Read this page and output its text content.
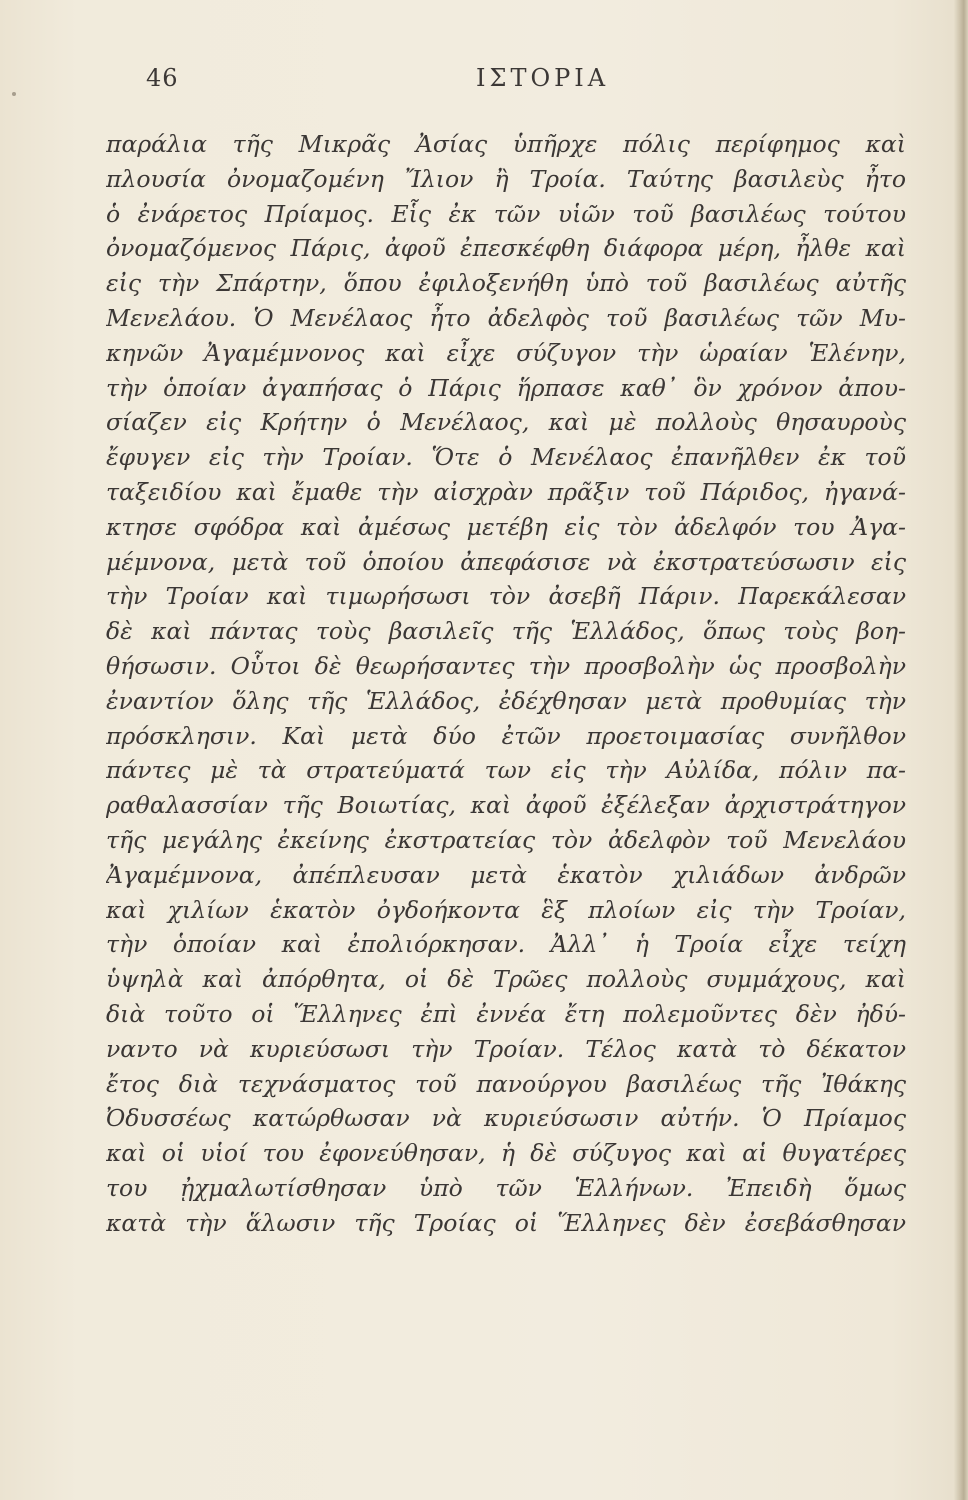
46	ΙΣΤΟΡΙΑ
παράλια τῆς Μικρᾶς Ἀσίας ὑπῆρχε πόλις περίφημος καὶ
πλουσία ὀνομαζομένη Ἴλιον ἢ Τροία. Ταύτης βασιλεὺς ἦτο
ὁ ἐνάρετος Πρίαμος. Εἷς ἐκ τῶν υἱῶν τοῦ βασιλέως τούτου
ὀνομαζόμενος Πάρις, ἀφοῦ ἐπεσκέφθη διάφορα μέρη, ἦλθε καὶ
εἰς τὴν Σπάρτην, ὅπου ἐφιλοξενήθη ὑπὸ τοῦ βασιλέως αὐτῆς
Μενελάου. Ὁ Μενέλαος ἦτο ἀδελφὸς τοῦ βασιλέως τῶν Μυ-
κηνῶν Ἀγαμέμνονος καὶ εἶχε σύζυγον τὴν ὡραίαν Ἑλένην,
τὴν ὁποίαν ἀγαπήσας ὁ Πάρις ἥρπασε καθ᾽ ὃν χρόνον ἀπου-
σίαζεν εἰς Κρήτην ὁ Μενέλαος, καὶ μὲ πολλοὺς θησαυροὺς
ἔφυγεν εἰς τὴν Τροίαν. Ὅτε ὁ Μενέλαος ἐπανῆλθεν ἐκ τοῦ
ταξειδίου καὶ ἔμαθε τὴν αἰσχρὰν πρᾶξιν τοῦ Πάριδος, ἠγανά-
κτησε σφόδρα καὶ ἀμέσως μετέβη εἰς τὸν ἀδελφόν του Ἀγα-
μέμνονα, μετὰ τοῦ ὁποίου ἀπεφάσισε νὰ ἐκστρατεύσωσιν εἰς
τὴν Τροίαν καὶ τιμωρήσωσι τὸν ἀσεβῆ Πάριν. Παρεκάλεσαν
δὲ καὶ πάντας τοὺς βασιλεῖς τῆς Ἑλλάδος, ὅπως τοὺς βοη-
θήσωσιν. Οὗτοι δὲ θεωρήσαντες τὴν προσβολὴν ὡς προσβολὴν
ἐναντίον ὅλης τῆς Ἑλλάδος, ἐδέχθησαν μετὰ προθυμίας τὴν
πρόσκλησιν. Καὶ μετὰ δύο ἐτῶν προετοιμασίας συνῆλθον
πάντες μὲ τὰ στρατεύματά των εἰς τὴν Αὐλίδα, πόλιν πα-
ραθαλασσίαν τῆς Βοιωτίας, καὶ ἀφοῦ ἐξέλεξαν ἀρχιστράτηγον
τῆς μεγάλης ἐκείνης ἐκστρατείας τὸν ἀδελφὸν τοῦ Μενελάου
Ἀγαμέμνονα, ἀπέπλευσαν μετὰ ἑκατὸν χιλιάδων ἀνδρῶν
καὶ χιλίων ἑκατὸν ὀγδοήκοντα ἓξ πλοίων εἰς τὴν Τροίαν,
τὴν ὁποίαν καὶ ἐπολιόρκησαν. Ἀλλ᾽ ἡ Τροία εἶχε τείχη
ὑψηλὰ καὶ ἀπόρθητα, οἱ δὲ Τρῶες πολλοὺς συμμάχους, καὶ
διὰ τοῦτο οἱ Ἕλληνες ἐπὶ ἐννέα ἔτη πολεμοῦντες δὲν ἠδύ-
ναντο νὰ κυριεύσωσι τὴν Τροίαν. Τέλος κατὰ τὸ δέκατον
ἔτος διὰ τεχνάσματος τοῦ πανούργου βασιλέως τῆς Ἰθάκης
Ὀδυσσέως κατώρθωσαν νὰ κυριεύσωσιν αὐτήν. Ὁ Πρίαμος
καὶ οἱ υἱοί του ἐφονεύθησαν, ἡ δὲ σύζυγος καὶ αἱ θυγατέρες
του ᾐχμαλωτίσθησαν ὑπὸ τῶν Ἑλλήνων. Ἐπειδὴ ὅμως
κατὰ τὴν ἅλωσιν τῆς Τροίας οἱ Ἕλληνες δὲν ἐσεβάσθησαν
